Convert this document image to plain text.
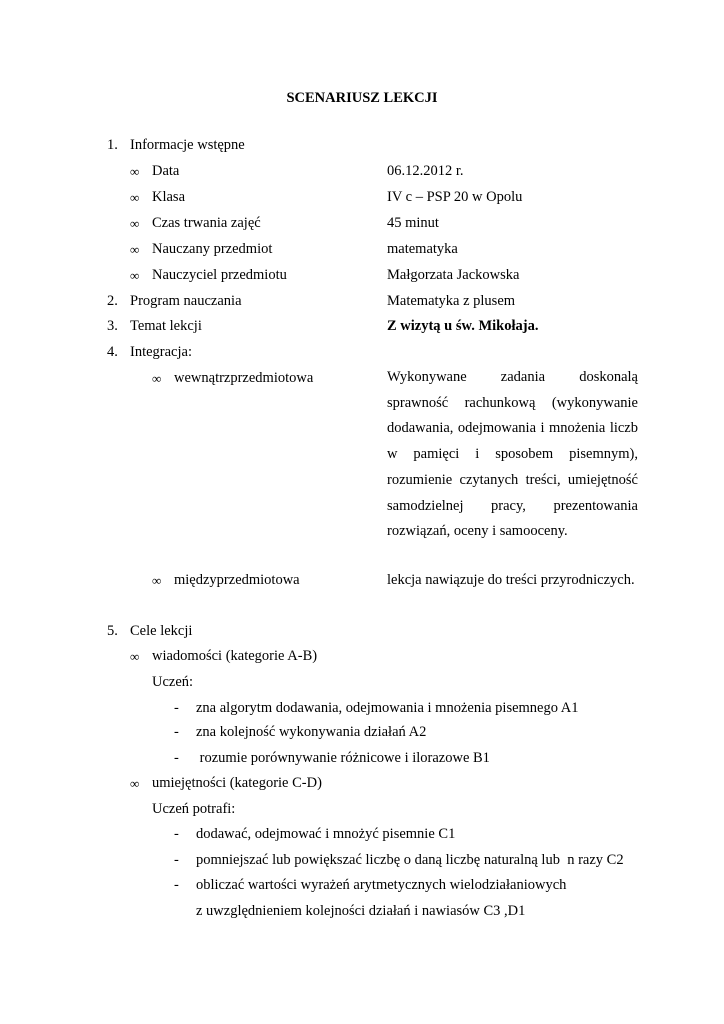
SCENARIUSZ LEKCJI
1. Informacje wstępne
∞ Data	06.12.2012 r.
∞ Klasa	IV c – PSP 20 w Opolu
∞ Czas trwania zajęć	45 minut
∞ Nauczany przedmiot	matematyka
∞ Nauczyciel przedmiotu	Małgorzata Jackowska
2. Program nauczania	Matematyka z plusem
3. Temat lekcji	Z wizytą u św. Mikołaja.
4. Integracja:
∞ wewnątrzprzedmiotowa	Wykonywane zadania doskonalą sprawność rachunkową (wykonywanie dodawania, odejmowania i mnożenia liczb w pamięci i sposobem pisemnym), rozumienie czytanych treści, umiejętność samodzielnej pracy, prezentowania rozwiązań, oceny i samooceny.
∞ międzyprzedmiotowa	lekcja nawiązuje do treści przyrodniczych.
5. Cele lekcji
∞ wiadomości (kategorie A-B)
Uczeń:
- zna algorytm dodawania, odejmowania i mnożenia pisemnego A1
- zna kolejność wykonywania działań A2
- rozumie porównywanie różnicowe i ilorazowe B1
∞ umiejętności (kategorie C-D)
Uczeń potrafi:
- dodawać, odejmować i mnożyć pisemnie C1
- pomniejszać lub powiększać liczbę o daną liczbę naturalną lub  n razy C2
- obliczać wartości wyrażeń arytmetycznych wielodziałaniowych
z uwzględnieniem kolejności działań i nawiasów C3 ,D1
